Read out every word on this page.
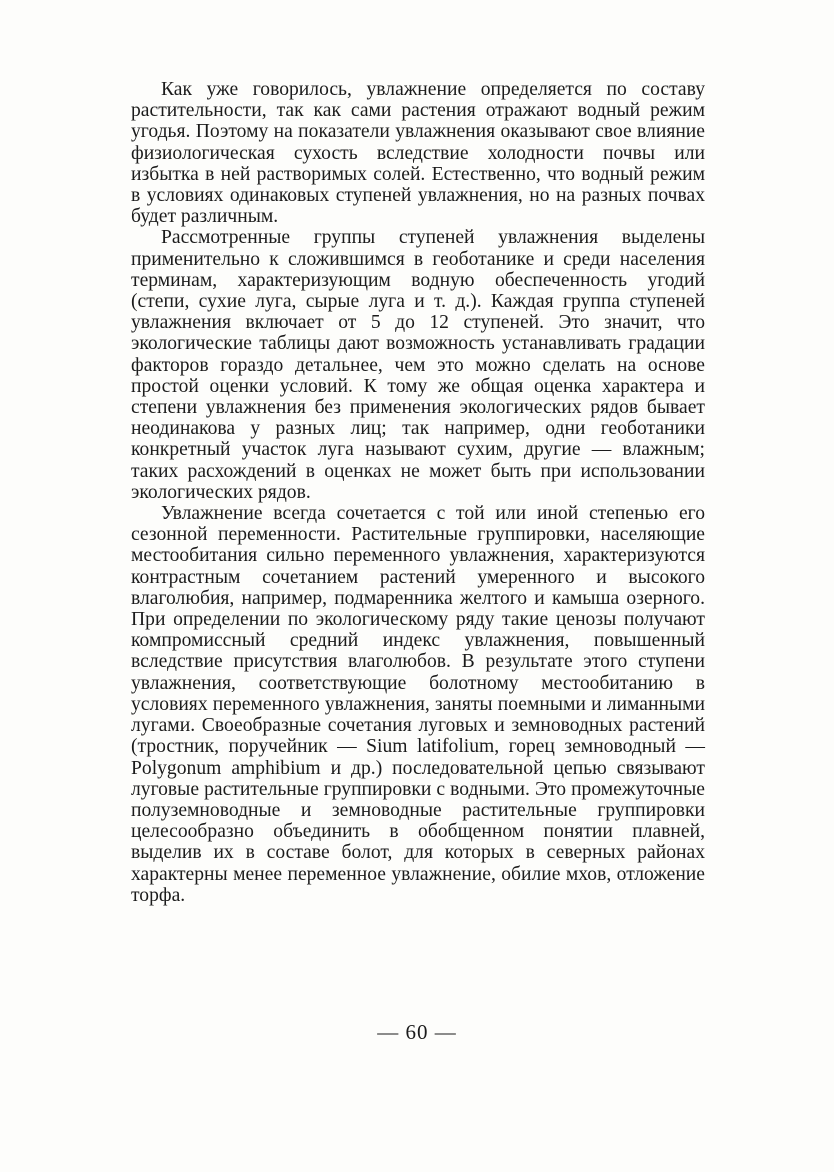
Как уже говорилось, увлажнение определяется по составу растительности, так как сами растения отражают водный режим угодья. Поэтому на показатели увлажнения оказывают свое влияние физиологическая сухость вследствие холодности почвы или избытка в ней растворимых солей. Естественно, что водный режим в условиях одинаковых ступеней увлажнения, но на разных почвах будет различным.

Рассмотренные группы ступеней увлажнения выделены применительно к сложившимся в геоботанике и среди населения терминам, характеризующим водную обеспеченность угодий (степи, сухие луга, сырые луга и т. д.). Каждая группа ступеней увлажнения включает от 5 до 12 ступеней. Это значит, что экологические таблицы дают возможность устанавливать градации факторов гораздо детальнее, чем это можно сделать на основе простой оценки условий. К тому же общая оценка характера и степени увлажнения без применения экологических рядов бывает неодинакова у разных лиц; так например, одни геоботаники конкретный участок луга называют сухим, другие — влажным; таких расхождений в оценках не может быть при использовании экологических рядов.

Увлажнение всегда сочетается с той или иной степенью его сезонной переменности. Растительные группировки, населяющие местообитания сильно переменного увлажнения, характеризуются контрастным сочетанием растений умеренного и высокого влаголюбия, например, подмаренника желтого и камыша озерного. При определении по экологическому ряду такие ценозы получают компромиссный средний индекс увлажнения, повышенный вследствие присутствия влаголюбов. В результате этого ступени увлажнения, соответствующие болотному местообитанию в условиях переменного увлажнения, заняты поемными и лиманными лугами. Своеобразные сочетания луговых и земноводных растений (тростник, поручейник — Sium latifolium, горец земноводный — Polygonum amphibium и др.) последовательной цепью связывают луговые растительные группировки с водными. Это промежуточные полуземноводные и земноводные растительные группировки целесообразно объединить в обобщенном понятии плавней, выделив их в составе болот, для которых в северных районах характерны менее переменное увлажнение, обилие мхов, отложение торфа.

— 60 —
